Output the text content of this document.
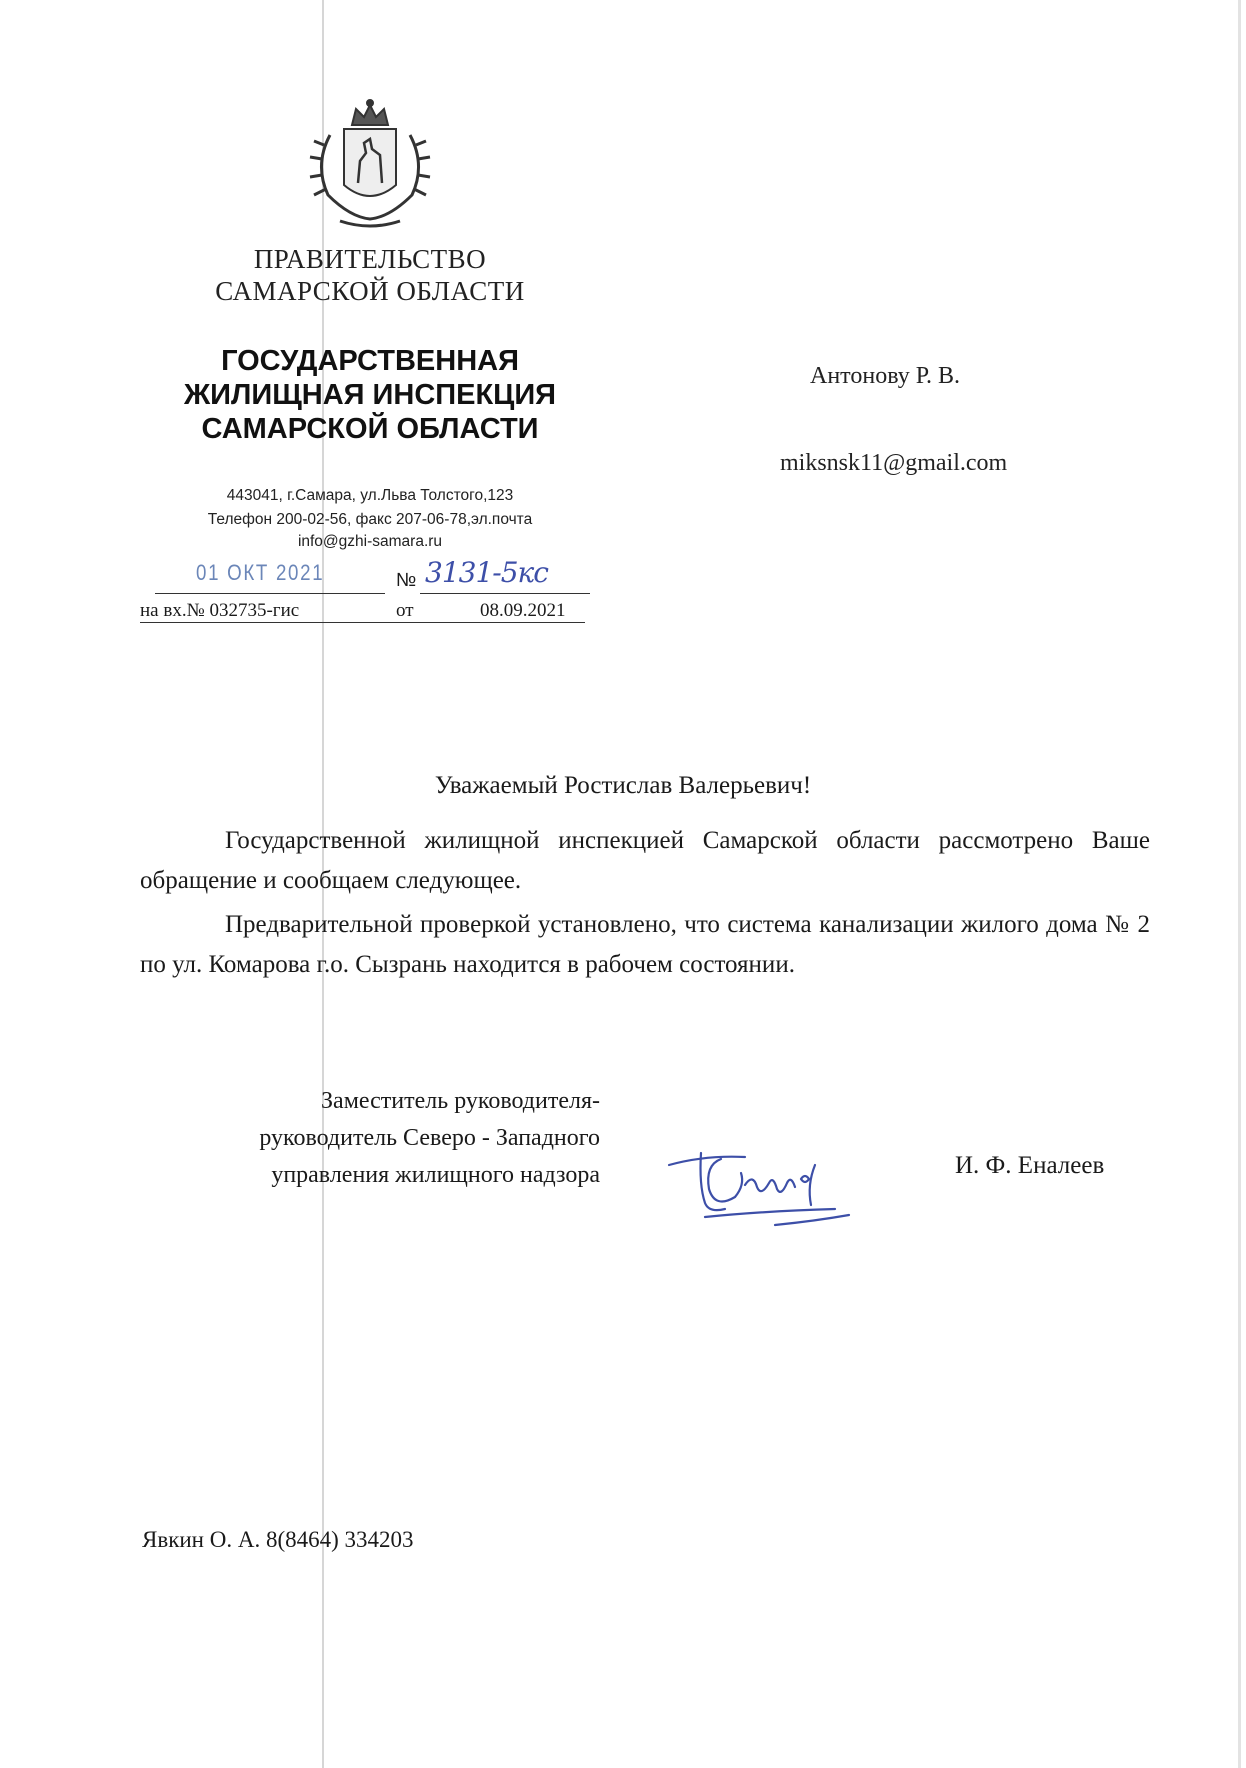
ПРАВИТЕЛЬСТВО
САМАРСКОЙ ОБЛАСТИ
ГОСУДАРСТВЕННАЯ
ЖИЛИЩНАЯ ИНСПЕКЦИЯ
САМАРСКОЙ ОБЛАСТИ
443041, г.Самара, ул.Льва Толстого,123
Телефон 200-02-56, факс 207-06-78,эл.почта
info@gzhi-samara.ru
01 ОКТ 2021	№ 3131-5кс
на вх.№ 032735-гис	от	08.09.2021
Антонову Р. В.
miksnsk11@gmail.com
Уважаемый Ростислав Валерьевич!
Государственной жилищной инспекцией Самарской области рассмотрено Ваше обращение и сообщаем следующее.
Предварительной проверкой установлено, что система канализации жилого дома № 2 по ул. Комарова г.о. Сызрань находится в рабочем состоянии.
Заместитель руководителя-
руководитель Северо - Западного
управления жилищного надзора	И. Ф. Еналеев
Явкин О. А. 8(8464) 334203
